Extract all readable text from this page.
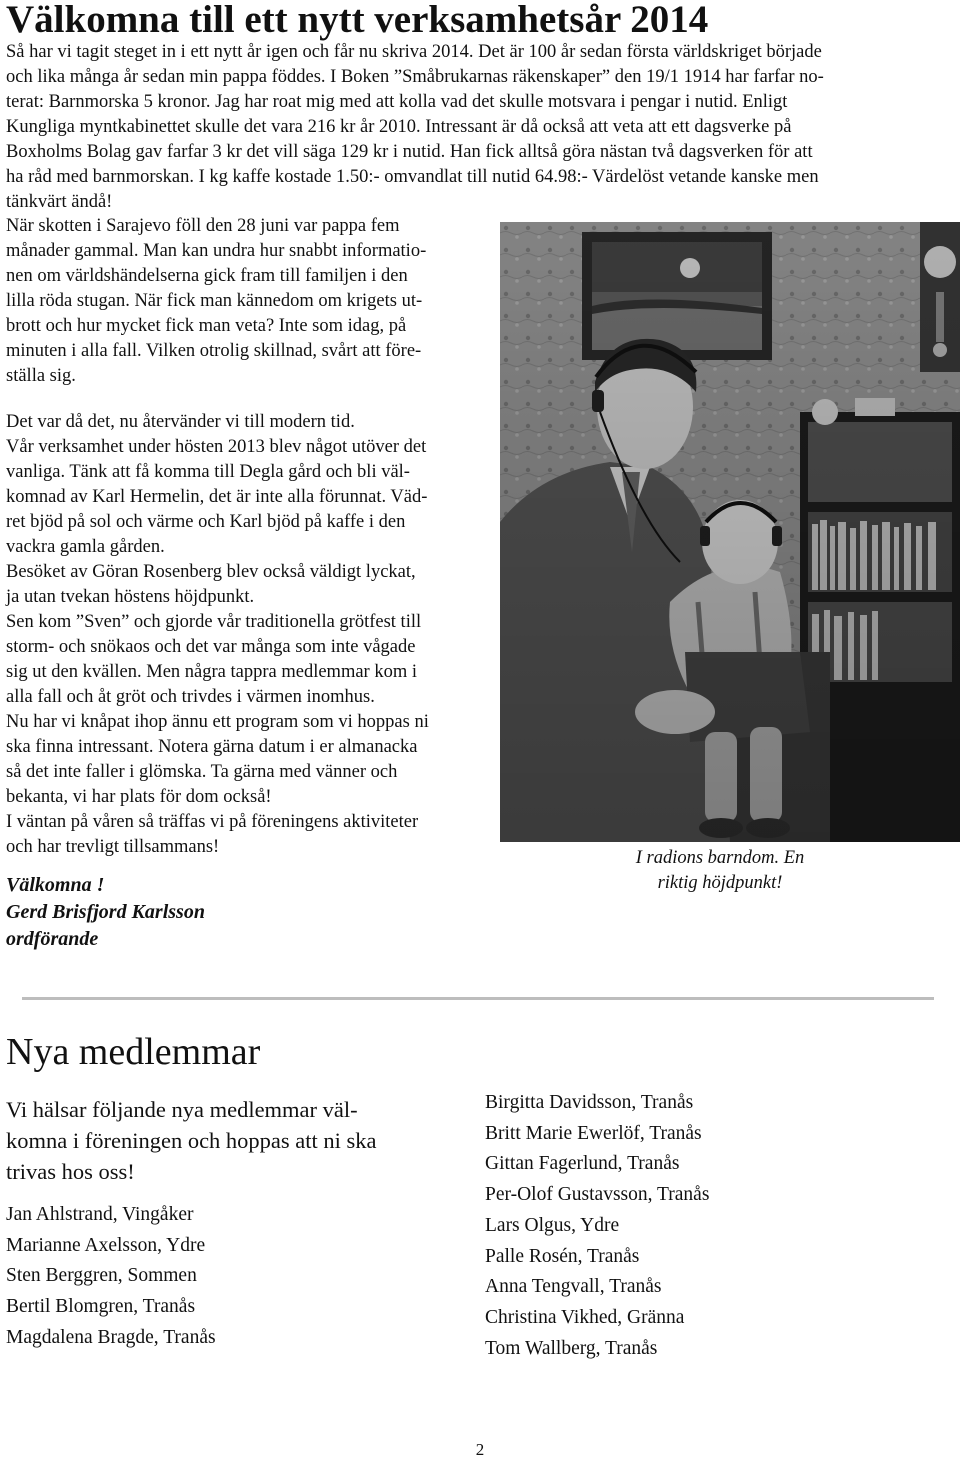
Välkomna till ett nytt verksamhetsår 2014
Så har vi tagit steget in i ett nytt år igen och får nu skriva 2014. Det är 100 år sedan första världskriget började
och lika många år sedan min pappa föddes. I Boken ”Småbrukarnas räkenskaper” den 19/1 1914 har farfar no-
terat: Barnmorska 5 kronor. Jag har roat mig med att kolla vad det skulle motsvara i pengar i nutid. Enligt
Kungliga myntkabinettet skulle det vara 216 kr år 2010. Intressant är då också att veta att ett dagsverke på
Boxholms Bolag gav farfar 3 kr det vill säga 129 kr i nutid. Han fick alltså göra nästan två dagsverken för att
ha råd med barnmorskan. I kg kaffe kostade 1.50:- omvandlat till nutid 64.98:- Värdelöst vetande kanske men
tänkvärt ändå!
När skotten i Sarajevo föll den 28 juni var pappa fem
månader gammal. Man kan undra hur snabbt informatio-
nen om världshändelserna gick fram till familjen i den
lilla röda stugan. När fick man kännedom om krigets ut-
brott och hur mycket fick man veta? Inte som idag, på
minuten i alla fall. Vilken otrolig skillnad, svårt att före-
ställa sig.
Det var då det, nu återvänder vi till modern tid.
Vår verksamhet under hösten 2013 blev något utöver det
vanliga. Tänk att få komma till Degla gård och bli väl-
komnad av Karl Hermelin, det är inte alla förunnat. Väd-
ret bjöd på sol och värme och Karl bjöd på kaffe i den
vackra gamla gården.
Besöket av Göran Rosenberg blev också väldigt lyckat,
ja utan tvekan höstens höjdpunkt.
Sen kom ”Sven” och gjorde vår traditionella grötfest till
storm- och snökaos och det var många som inte vågade
sig ut den kvällen. Men några tappra medlemmar kom i
alla fall och åt gröt och trivdes i värmen inomhus.
Nu har vi knåpat ihop ännu ett program som vi hoppas ni
ska finna intressant. Notera gärna datum i er almanacka
så det inte faller i glömska. Ta gärna med vänner och
bekanta, vi har plats för dom också!
I väntan på våren så träffas vi på föreningens aktiviteter
och har trevligt tillsammans!
Välkomna !
Gerd Brisfjord Karlsson
ordförande
I radions barndom. En
riktig höjdpunkt!
Nya medlemmar
Vi hälsar följande nya medlemmar väl-
komna i föreningen och hoppas att ni ska
trivas hos oss!
Jan Ahlstrand, Vingåker
Marianne Axelsson, Ydre
Sten Berggren, Sommen
Bertil Blomgren, Tranås
Magdalena Bragde, Tranås
Birgitta Davidsson, Tranås
Britt Marie Ewerlöf, Tranås
Gittan Fagerlund, Tranås
Per-Olof Gustavsson, Tranås
Lars Olgus, Ydre
Palle Rosén, Tranås
Anna Tengvall, Tranås
Christina Vikhed, Gränna
Tom Wallberg, Tranås
2
